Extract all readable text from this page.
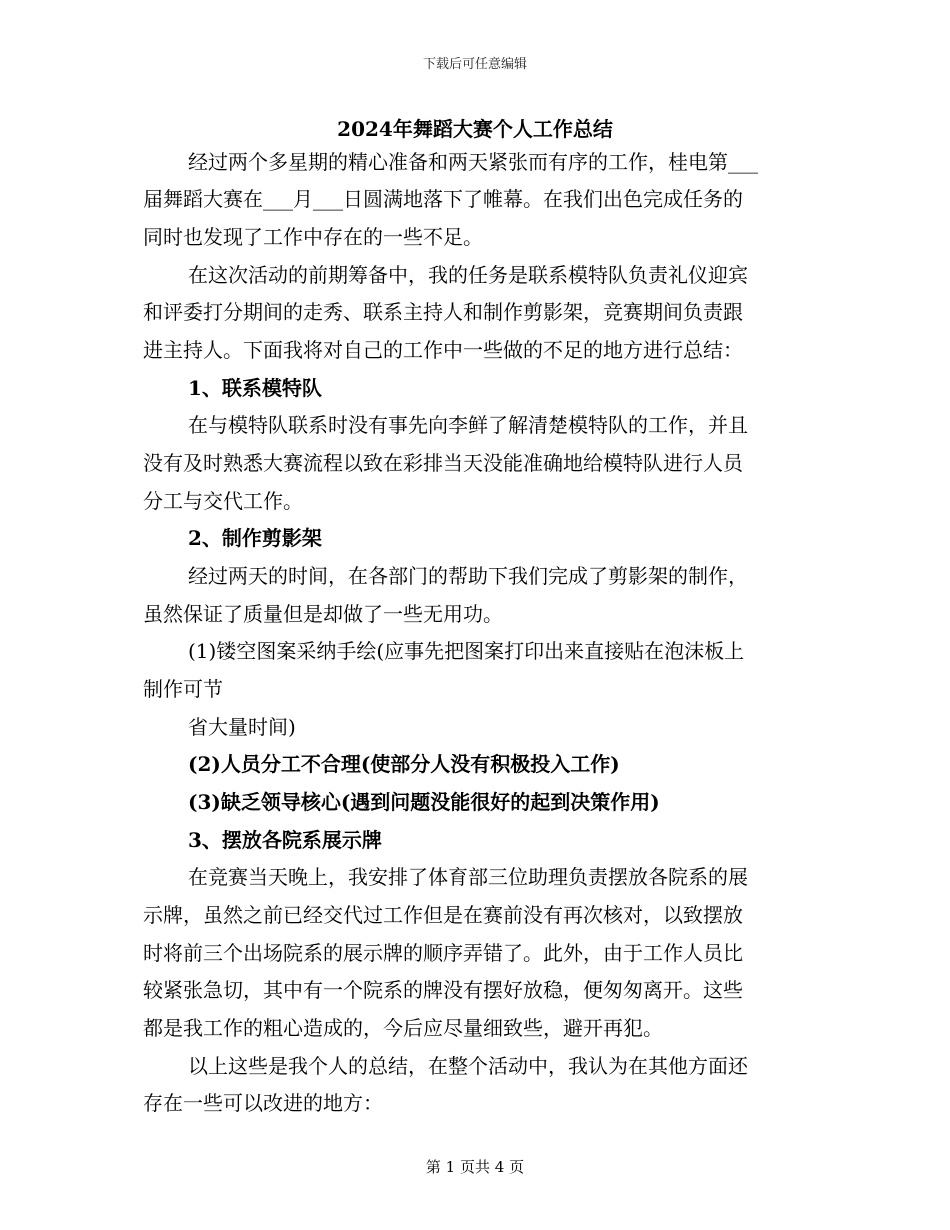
下载后可任意编辑
2024年舞蹈大赛个人工作总结
经过两个多星期的精心准备和两天紧张而有序的工作，桂电第___
届舞蹈大赛在___月___日圆满地落下了帷幕。在我们出色完成任务的
同时也发现了工作中存在的一些不足。
在这次活动的前期筹备中，我的任务是联系模特队负责礼仪迎宾
和评委打分期间的走秀、联系主持人和制作剪影架，竞赛期间负责跟
进主持人。下面我将对自己的工作中一些做的不足的地方进行总结：
1、联系模特队
在与模特队联系时没有事先向李鲜了解清楚模特队的工作，并且
没有及时熟悉大赛流程以致在彩排当天没能准确地给模特队进行人员
分工与交代工作。
2、制作剪影架
经过两天的时间，在各部门的帮助下我们完成了剪影架的制作，
虽然保证了质量但是却做了一些无用功。
(1)镂空图案采纳手绘(应事先把图案打印出来直接贴在泡沫板上
制作可节
省大量时间)
(2)人员分工不合理(使部分人没有积极投入工作)
(3)缺乏领导核心(遇到问题没能很好的起到决策作用)
3、摆放各院系展示牌
在竞赛当天晚上，我安排了体育部三位助理负责摆放各院系的展
示牌，虽然之前已经交代过工作但是在赛前没有再次核对，以致摆放
时将前三个出场院系的展示牌的顺序弄错了。此外，由于工作人员比
较紧张急切，其中有一个院系的牌没有摆好放稳，便匆匆离开。这些
都是我工作的粗心造成的，今后应尽量细致些，避开再犯。
以上这些是我个人的总结，在整个活动中，我认为在其他方面还
存在一些可以改进的地方：
第 1 页共 4 页
